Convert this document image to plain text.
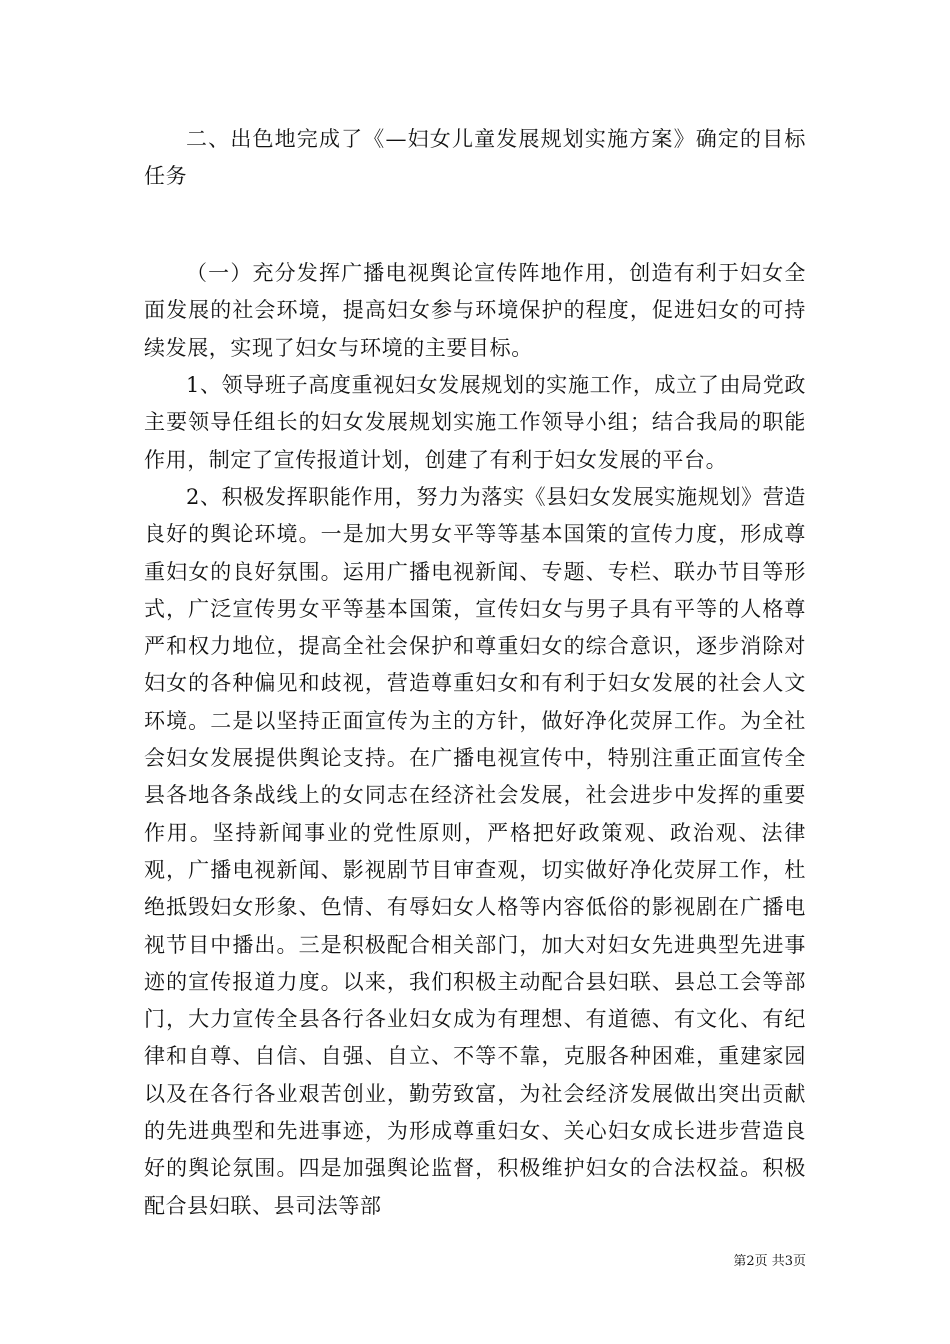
二、出色地完成了《—妇女儿童发展规划实施方案》确定的目标任务

（一）充分发挥广播电视舆论宣传阵地作用，创造有利于妇女全面发展的社会环境，提高妇女参与环境保护的程度，促进妇女的可持续发展，实现了妇女与环境的主要目标。

1、领导班子高度重视妇女发展规划的实施工作，成立了由局党政主要领导任组长的妇女发展规划实施工作领导小组；结合我局的职能作用，制定了宣传报道计划，创建了有利于妇女发展的平台。

2、积极发挥职能作用，努力为落实《县妇女发展实施规划》营造良好的舆论环境。一是加大男女平等等基本国策的宣传力度，形成尊重妇女的良好氛围。运用广播电视新闻、专题、专栏、联办节目等形式，广泛宣传男女平等基本国策，宣传妇女与男子具有平等的人格尊严和权力地位，提高全社会保护和尊重妇女的综合意识，逐步消除对妇女的各种偏见和歧视，营造尊重妇女和有利于妇女发展的社会人文环境。二是以坚持正面宣传为主的方针，做好净化荧屏工作。为全社会妇女发展提供舆论支持。在广播电视宣传中，特别注重正面宣传全县各地各条战线上的女同志在经济社会发展，社会进步中发挥的重要作用。坚持新闻事业的党性原则，严格把好政策观、政治观、法律观，广播电视新闻、影视剧节目审查观，切实做好净化荧屏工作，杜绝抵毁妇女形象、色情、有辱妇女人格等内容低俗的影视剧在广播电视节目中播出。三是积极配合相关部门，加大对妇女先进典型先进事迹的宣传报道力度。以来，我们积极主动配合县妇联、县总工会等部门，大力宣传全县各行各业妇女成为有理想、有道德、有文化、有纪律和自尊、自信、自强、自立、不等不靠，克服各种困难，重建家园以及在各行各业艰苦创业，勤劳致富，为社会经济发展做出突出贡献的先进典型和先进事迹，为形成尊重妇女、关心妇女成长进步营造良好的舆论氛围。四是加强舆论监督，积极维护妇女的合法权益。积极配合县妇联、县司法等部

第2页 共3页
